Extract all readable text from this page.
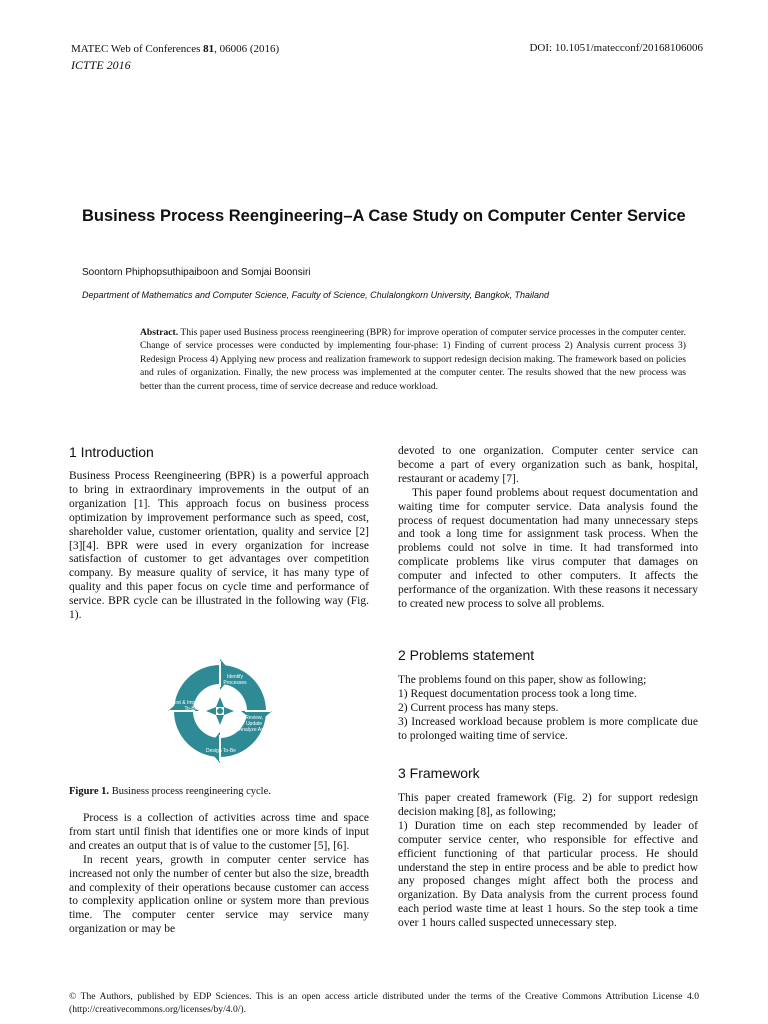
MATEC Web of Conferences 81, 06006 (2016)
ICTTE 2016
DOI: 10.1051/matecconf/20168106006
Business Process Reengineering–A Case Study on Computer Center Service
Soontorn Phiphopsuthipaiboon and Somjai Boonsiri
Department of Mathematics and Computer Science, Faculty of Science, Chulalongkorn University, Bangkok, Thailand
Abstract. This paper used Business process reengineering (BPR) for improve operation of computer service processes in the computer center. Change of service processes were conducted by implementing four-phase: 1) Finding of current process 2) Analysis current process 3) Redesign Process 4) Applying new process and realization framework to support redesign decision making. The framework based on policies and rules of organization. Finally, the new process was implemented at the computer center. The results showed that the new process was better than the current process, time of service decrease and reduce workload.
1 Introduction

Business Process Reengineering (BPR) is a powerful approach to bring in extraordinary improvements in the output of an organization [1]. This approach focus on business process optimization by improvement performance such as speed, cost, shareholder value, customer orientation, quality and service [2][3][4]. BPR were used in every organization for increase satisfaction of customer to get advantages over competition company. By measure quality of service, it has many type of quality and this paper focus on cycle time and performance of service. BPR cycle can be illustrated in the following way (Fig. 1).

Identify
Processes
Review,
Update
Analyze As-Is
Design To-Be
Test & Implement
To-Be
Figure 1. Business process reengineering cycle.

Process is a collection of activities across time and space from start until finish that identifies one or more kinds of input and creates an output that is of value to the customer [5], [6].

In recent years, growth in computer center service has increased not only the number of center but also the size, breadth and complexity of their operations because customer can access to complexity application online or system more than previous time. The computer center service may service many organization or may be

devoted to one organization. Computer center service can become a part of every organization such as bank, hospital, restaurant or academy [7].

This paper found problems about request documentation and waiting time for computer service. Data analysis found the process of request documentation had many unnecessary steps and took a long time for assignment task process. When the problems could not solve in time. It had transformed into complicate problems like virus computer that damages on computer and infected to other computers. It affects the performance of the organization. With these reasons it necessary to created new process to solve all problems.

2 Problems statement

The problems found on this paper, show as following;

1) Request documentation process took a long time.

2) Current process has many steps.

3) Increased workload because problem is more complicate due to prolonged waiting time of service.

3 Framework

This paper created framework (Fig. 2) for support redesign decision making [8], as following;

1) Duration time on each step recommended by leader of computer service center, who responsible for effective and efficient functioning of that particular process. He should understand the step in entire process and be able to predict how any proposed changes might affect both the process and organization. By Data analysis from the current process found each period waste time at least 1 hours. So the step took a time over 1 hours called suspected unnecessary step.

© The Authors, published by EDP Sciences. This is an open access article distributed under the terms of the Creative Commons Attribution License 4.0 (http://creativecommons.org/licenses/by/4.0/).
